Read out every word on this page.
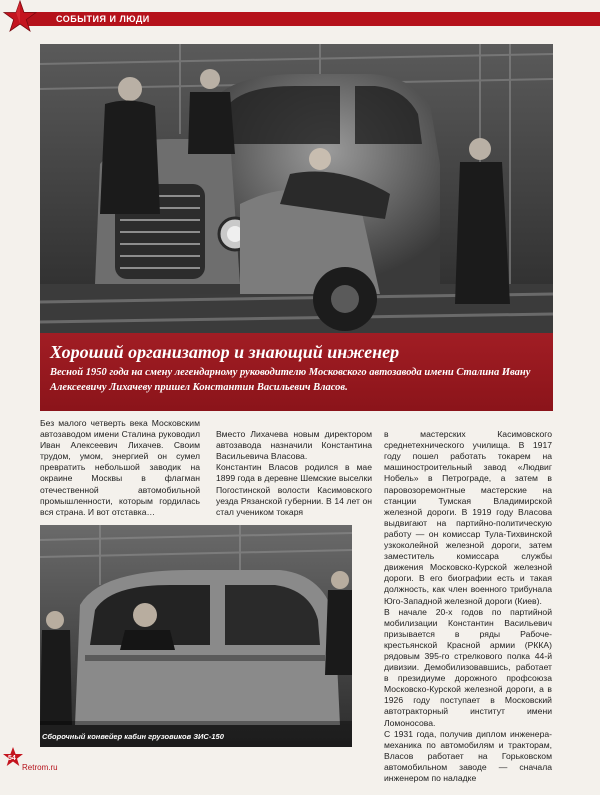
СОБЫТИЯ И ЛЮДИ
Хороший организатор и знающий инженер
Весной 1950 года на смену легендарному руководителю Московского автозавода имени Сталина Ивану Алексеевичу Лихачеву пришел Константин Васильевич Власов.

Без малого четверть века Московским автозаводом имени Сталина руководил Иван Алексеевич Лихачев. Своим трудом, умом, энергией он сумел превратить небольшой заводик на окраине Москвы в флагман отечественной автомобильной промышленности, которым гордилась вся страна. И вот отставка…

Вместо Лихачева новым директором автозавода назначили Константина Васильевича Власова.
Константин Власов родился в мае 1899 года в деревне Шемские выселки Погостинской волости Касимовского уезда Рязанской губернии. В 14 лет он стал учеником токаря

в мастерских Касимовского среднетехнического училища. В 1917 году пошел работать токарем на машиностроительный завод «Людвиг Нобель» в Петрограде, а затем в паровозоремонтные мастерские на станции Тумская Владимирской железной дороги. В 1919 году Власова выдвигают на партийно-политическую работу — он комиссар Тула-Тихвинской узкоколейной железной дороги, затем заместитель комиссара службы движения Московско-Курской железной дороги. В его биографии есть и такая должность, как член военного трибунала Юго-Западной железной дороги (Киев).
В начале 20-х годов по партийной мобилизации Константин Васильевич призывается в ряды Рабоче-крестьянской Красной армии (РККА) рядовым 395-го стрелкового полка 44-й дивизии. Демобилизовавшись, работает в президиуме дорожного профсоюза Московско-Курской железной дороги, а в 1926 году поступает в Московский автотракторный институт имени Ломоносова.
С 1931 года, получив диплом инженера-механика по автомобилям и тракторам, Власов работает на Горьковском автомобильном заводе — сначала инженером по наладке

Сборочный конвейер кабин грузовиков ЗИС-150
54
Retrom.ru
